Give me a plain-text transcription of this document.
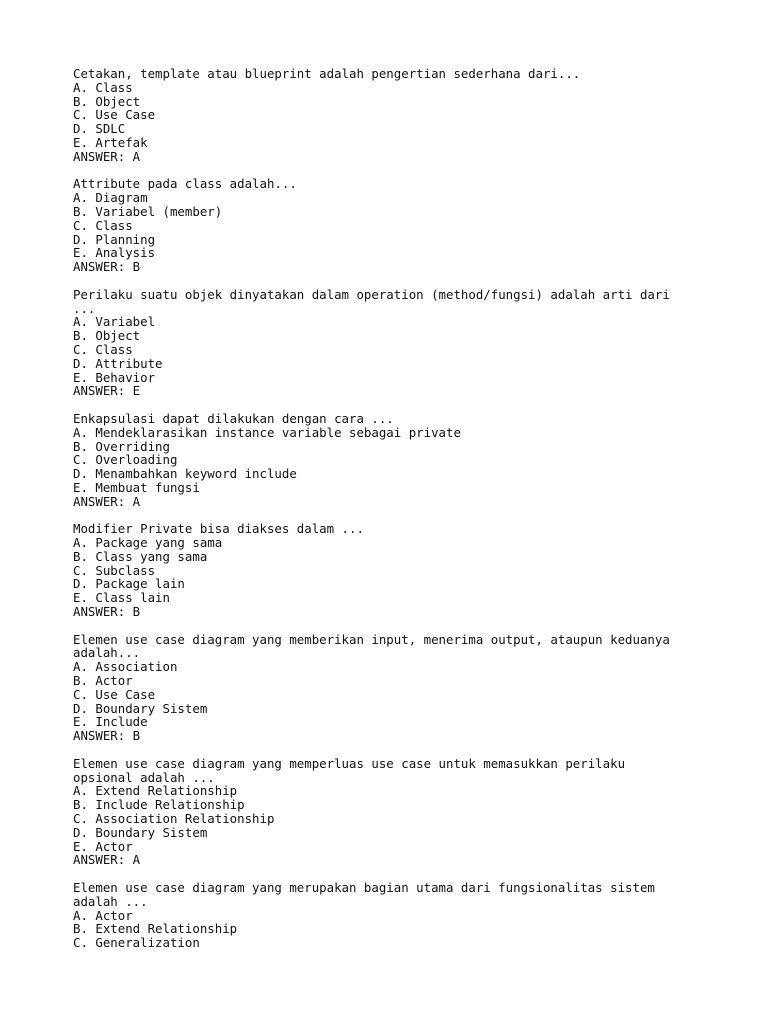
Cetakan, template atau blueprint adalah pengertian sederhana dari...
A. Class
B. Object
C. Use Case
D. SDLC
E. Artefak
ANSWER: A
Attribute pada class adalah...
A. Diagram
B. Variabel (member)
C. Class
D. Planning
E. Analysis
ANSWER: B
Perilaku suatu objek dinyatakan dalam operation (method/fungsi) adalah arti dari
...
A. Variabel
B. Object
C. Class
D. Attribute
E. Behavior
ANSWER: E
Enkapsulasi dapat dilakukan dengan cara ...
A. Mendeklarasikan instance variable sebagai private
B. Overriding
C. Overloading
D. Menambahkan keyword include
E. Membuat fungsi
ANSWER: A
Modifier Private bisa diakses dalam ...
A. Package yang sama
B. Class yang sama
C. Subclass
D. Package lain
E. Class lain
ANSWER: B
Elemen use case diagram yang memberikan input, menerima output, ataupun keduanya
adalah...
A. Association
B. Actor
C. Use Case
D. Boundary Sistem
E. Include
ANSWER: B
Elemen use case diagram yang memperluas use case untuk memasukkan perilaku
opsional adalah ...
A. Extend Relationship
B. Include Relationship
C. Association Relationship
D. Boundary Sistem
E. Actor
ANSWER: A
Elemen use case diagram yang merupakan bagian utama dari fungsionalitas sistem
adalah ...
A. Actor
B. Extend Relationship
C. Generalization
